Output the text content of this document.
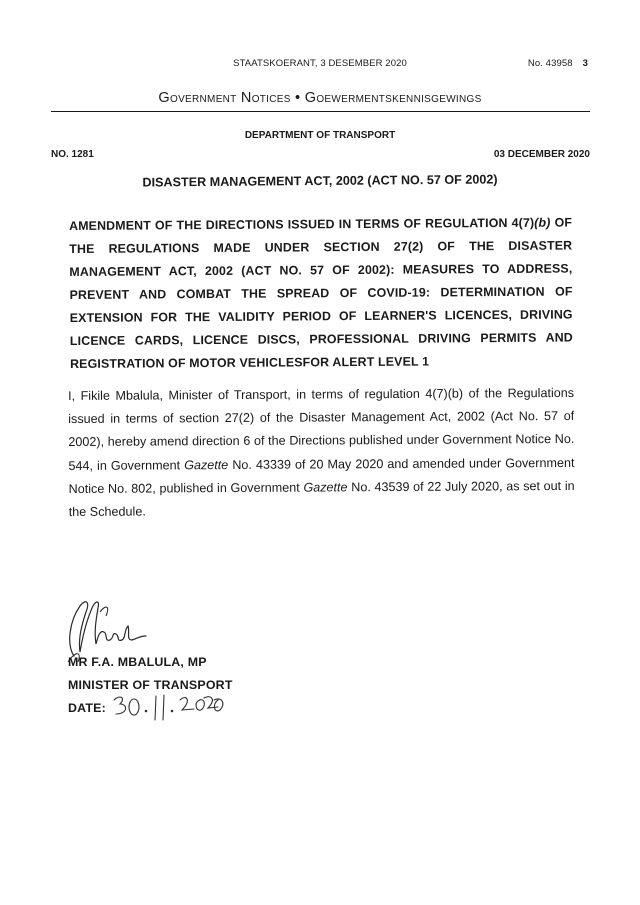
STAATSKOERANT, 3 DESEMBER 2020	No. 43958 3
Government Notices • Goewermentskennisgewings
DEPARTMENT OF TRANSPORT
NO. 1281	03 DECEMBER 2020
DISASTER MANAGEMENT ACT, 2002 (ACT NO. 57 OF 2002)
AMENDMENT OF THE DIRECTIONS ISSUED IN TERMS OF REGULATION 4(7)(b) OF THE REGULATIONS MADE UNDER SECTION 27(2) OF THE DISASTER MANAGEMENT ACT, 2002 (ACT NO. 57 OF 2002): MEASURES TO ADDRESS, PREVENT AND COMBAT THE SPREAD OF COVID-19: DETERMINATION OF EXTENSION FOR THE VALIDITY PERIOD OF LEARNER'S LICENCES, DRIVING LICENCE CARDS, LICENCE DISCS, PROFESSIONAL DRIVING PERMITS AND REGISTRATION OF MOTOR VEHICLESFOR ALERT LEVEL 1
I, Fikile Mbalula, Minister of Transport, in terms of regulation 4(7)(b) of the Regulations issued in terms of section 27(2) of the Disaster Management Act, 2002 (Act No. 57 of 2002), hereby amend direction 6 of the Directions published under Government Notice No. 544, in Government Gazette No. 43339 of 20 May 2020 and amended under Government Notice No. 802, published in Government Gazette No. 43539 of 22 July 2020, as set out in the Schedule.
MR F.A. MBALULA, MP
MINISTER OF TRANSPORT
DATE:
